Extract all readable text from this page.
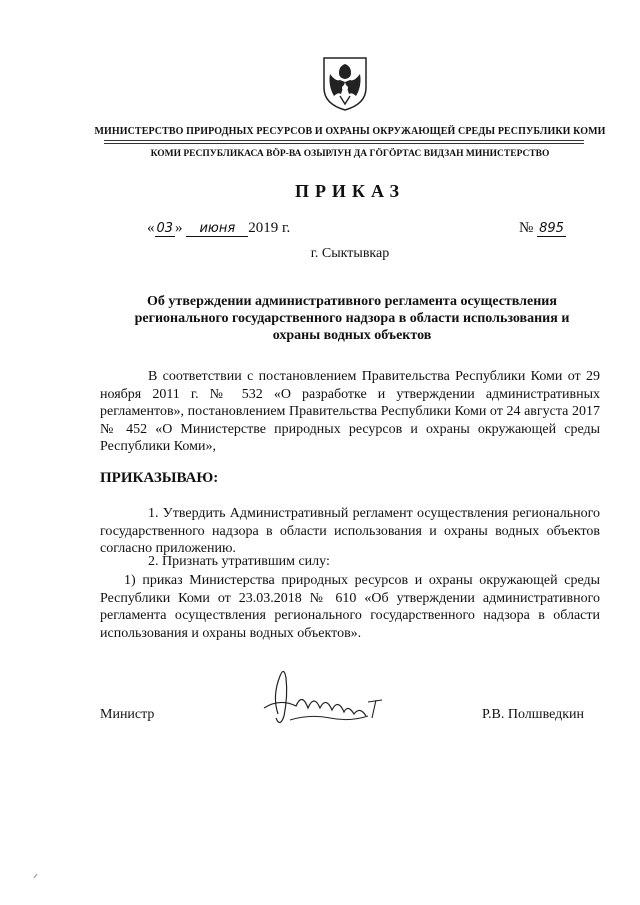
МИНИСТЕРСТВО ПРИРОДНЫХ РЕСУРСОВ И ОХРАНЫ ОКРУЖАЮЩЕЙ СРЕДЫ РЕСПУБЛИКИ КОМИ
КОМИ РЕСПУБЛИКАСА ВӦР-ВА ОЗЫРЛУН ДА ГӦГӦРТАС ВИДЗАН МИНИСТЕРСТВО
ПРИКАЗ
« 03 » июня 2019 г.	№ 895
г. Сыктывкар
Об утверждении административного регламента осуществления регионального государственного надзора в области использования и охраны водных объектов
В соответствии с постановлением Правительства Республики Коми от 29 ноября 2011 г. № 532 «О разработке и утверждении административных регламентов», постановлением Правительства Республики Коми от 24 августа 2017 № 452 «О Министерстве природных ресурсов и охраны окружающей среды Республики Коми»,
ПРИКАЗЫВАЮ:
1. Утвердить Административный регламент осуществления регионального государственного надзора в области использования и охраны водных объектов согласно приложению.
2. Признать утратившим силу:
1) приказ Министерства природных ресурсов и охраны окружающей среды Республики Коми от 23.03.2018 № 610 «Об утверждении административного регламента осуществления регионального государственного надзора в области использования и охраны водных объектов».
Министр	Р.В. Полшведкин
⸝
